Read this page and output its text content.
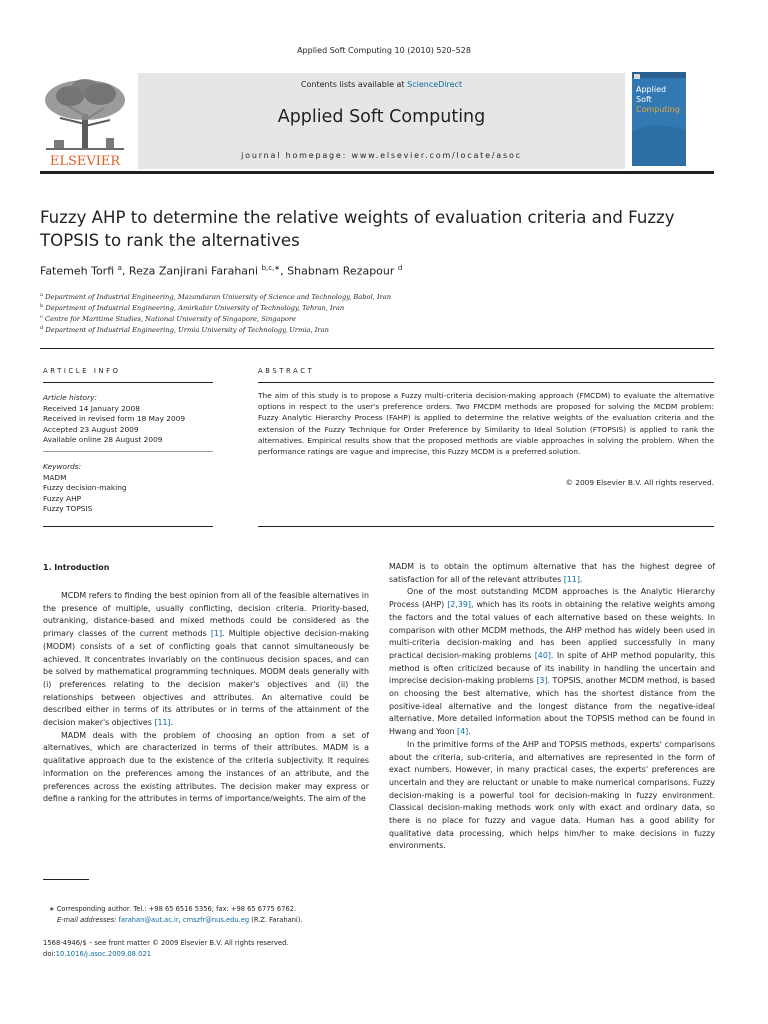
Applied Soft Computing 10 (2010) 520–528
ELSEVIER
Contents lists available at ScienceDirect
Applied Soft Computing
journal homepage: www.elsevier.com/locate/asoc
Applied
Soft
Computing
Fuzzy AHP to determine the relative weights of evaluation criteria and Fuzzy
TOPSIS to rank the alternatives
Fatemeh Torfi $^a$, Reza Zanjirani Farahani $^{b,c,∗}$, Shabnam Rezapour $^d$
$^a$ Department of Industrial Engineering, Mazandaran University of Science and Technology, Babol, Iran
$^b$ Department of Industrial Engineering, Amirkabir University of Technology, Tehran, Iran
$^c$ Centre for Maritime Studies, National University of Singapore, Singapore
$^d$ Department of Industrial Engineering, Urmia University of Technology, Urmia, Iran
ARTICLE INFO	ABSTRACT
Article history:
Received 14 January 2008
Received in revised form 18 May 2009
Accepted 23 August 2009
Available online 28 August 2009
Keywords:
MADM
Fuzzy decision-making
Fuzzy AHP
Fuzzy TOPSIS
The aim of this study is to propose a Fuzzy multi-criteria decision-making approach (FMCDM) to evaluate the alternative options in respect to the user's preference orders. Two FMCDM methods are proposed for solving the MCDM problem: Fuzzy Analytic Hierarchy Process (FAHP) is applied to determine the relative weights of the evaluation criteria and the extension of the Fuzzy Technique for Order Preference by Similarity to Ideal Solution (FTOPSIS) is applied to rank the alternatives. Empirical results show that the proposed methods are viable approaches in solving the problem. When the performance ratings are vague and imprecise, this Fuzzy MCDM is a preferred solution.
© 2009 Elsevier B.V. All rights reserved.
1. Introduction

MCDM refers to finding the best opinion from all of the feasible alternatives in the presence of multiple, usually conflicting, decision criteria. Priority-based, outranking, distance-based and mixed methods could be considered as the primary classes of the current methods [1]. Multiple objective decision-making (MODM) consists of a set of conflicting goals that cannot simultaneously be achieved. It concentrates invariably on the continuous decision spaces, and can be solved by mathematical programming techniques. MODM deals generally with (i) preferences relating to the decision maker's objectives and (ii) the relationships between objectives and attributes. An alternative could be described either in terms of its attributes or in terms of the attainment of the decision maker's objectives [11].

MADM deals with the problem of choosing an option from a set of alternatives, which are characterized in terms of their attributes. MADM is a qualitative approach due to the existence of the criteria subjectivity. It requires information on the preferences among the instances of an attribute, and the preferences across the existing attributes. The decision maker may express or define a ranking for the attributes in terms of importance/weights. The aim of the

MADM is to obtain the optimum alternative that has the highest degree of satisfaction for all of the relevant attributes [11].

One of the most outstanding MCDM approaches is the Analytic Hierarchy Process (AHP) [2,39], which has its roots in obtaining the relative weights among the factors and the total values of each alternative based on these weights. In comparison with other MCDM methods, the AHP method has widely been used in multi-criteria decision-making and has been applied successfully in many practical decision-making problems [40]. In spite of AHP method popularity, this method is often criticized because of its inability in handling the uncertain and imprecise decision-making problems [3]. TOPSIS, another MCDM method, is based on choosing the best alternative, which has the shortest distance from the positive-ideal alternative and the longest distance from the negative-ideal alternative. More detailed information about the TOPSIS method can be found in Hwang and Yoon [4].

In the primitive forms of the AHP and TOPSIS methods, experts' comparisons about the criteria, sub-criteria, and alternatives are represented in the form of exact numbers. However, in many practical cases, the experts' preferences are uncertain and they are reluctant or unable to make numerical comparisons. Fuzzy decision-making is a powerful tool for decision-making in fuzzy environment. Classical decision-making methods work only with exact and ordinary data, so there is no place for fuzzy and vague data. Human has a good ability for qualitative data processing, which helps him/her to make decisions in fuzzy environments.

∗ Corresponding author. Tel.: +98 65 6516 5356; fax: +98 65 6775 6762.
E-mail addresses: farahan@aut.ac.ir, cmszfr@nus.edu.eg (R.Z. Farahani).
1568-4946/$ – see front matter © 2009 Elsevier B.V. All rights reserved.
doi:10.1016/j.asoc.2009.08.021
